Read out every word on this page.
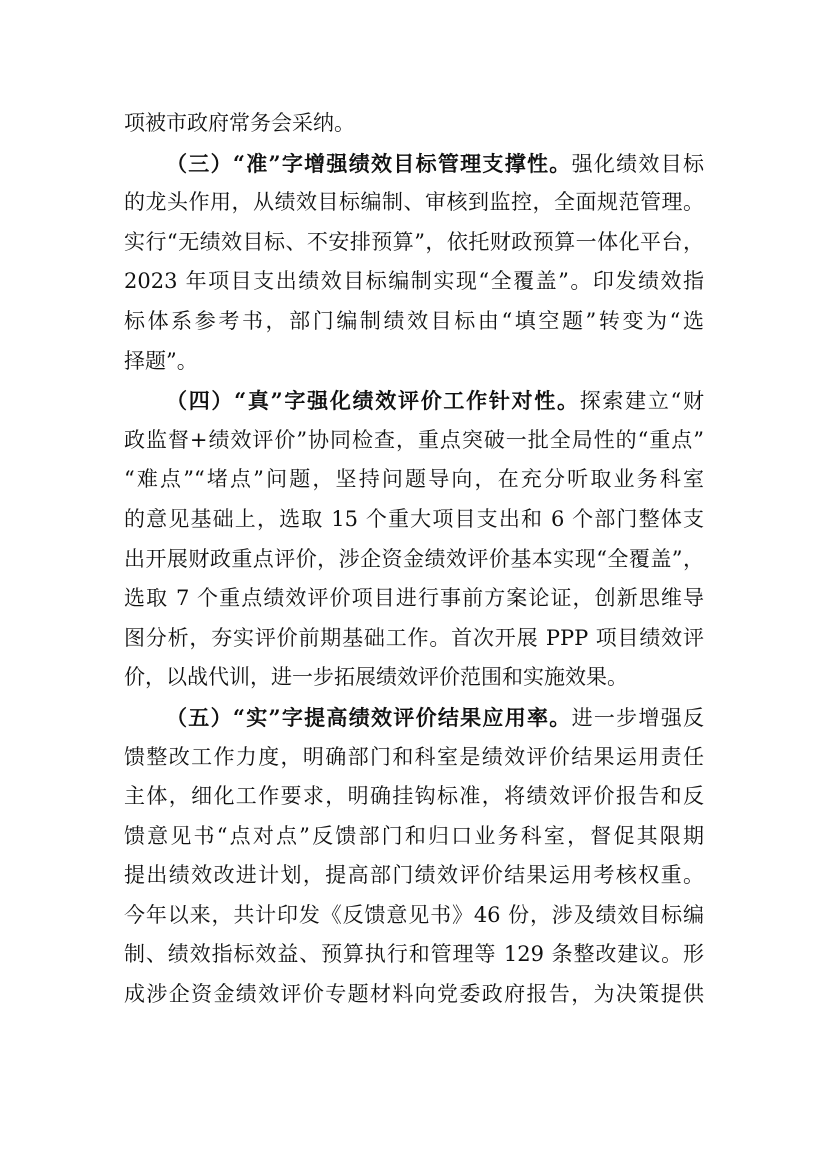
项被市政府常务会采纳。
（三）“准”字增强绩效目标管理支撑性。强化绩效目标
的龙头作用，从绩效目标编制、审核到监控，全面规范管理。
实行“无绩效目标、不安排预算”，依托财政预算一体化平台，
2023 年项目支出绩效目标编制实现“全覆盖”。印发绩效指
标体系参考书，部门编制绩效目标由“填空题”转变为“选
择题”。
（四）“真”字强化绩效评价工作针对性。探索建立“财
政监督+绩效评价”协同检查，重点突破一批全局性的“重点”
“难点”“堵点”问题，坚持问题导向，在充分听取业务科室
的意见基础上，选取 15 个重大项目支出和 6 个部门整体支
出开展财政重点评价，涉企资金绩效评价基本实现“全覆盖”，
选取 7 个重点绩效评价项目进行事前方案论证，创新思维导
图分析，夯实评价前期基础工作。首次开展 PPP 项目绩效评
价，以战代训，进一步拓展绩效评价范围和实施效果。
（五）“实”字提高绩效评价结果应用率。进一步增强反
馈整改工作力度，明确部门和科室是绩效评价结果运用责任
主体，细化工作要求，明确挂钩标准，将绩效评价报告和反
馈意见书“点对点”反馈部门和归口业务科室，督促其限期
提出绩效改进计划，提高部门绩效评价结果运用考核权重。
今年以来，共计印发《反馈意见书》46 份，涉及绩效目标编
制、绩效指标效益、预算执行和管理等 129 条整改建议。形
成涉企资金绩效评价专题材料向党委政府报告，为决策提供
